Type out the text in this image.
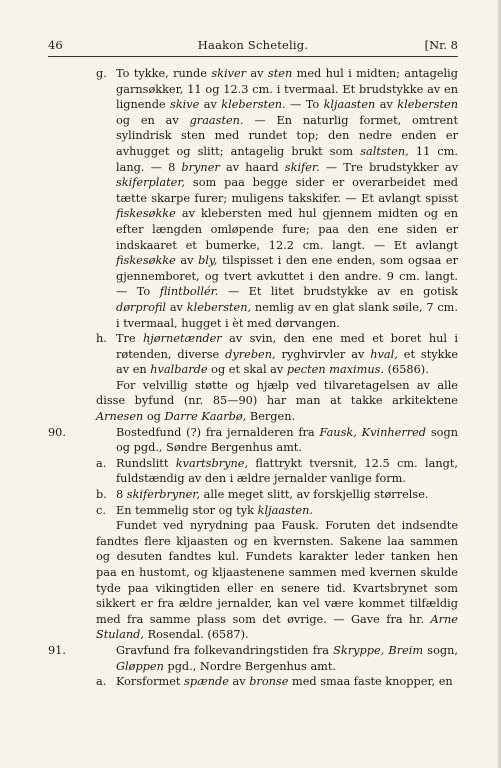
46	Haakon Schetelig.	[Nr. 8
g. To tykke, runde skiver av sten med hul i midten; antagelig garnsøkker, 11 og 12.3 cm. i tvermaal. Et brudstykke av en lignende skive av klebersten. — To kljaasten av klebersten og en av graasten. — En naturlig formet, omtrent sylindrisk sten med rundet top; den nedre enden er avhugget og slitt; antagelig brukt som saltsten, 11 cm. lang. — 8 bryner av haard skifer. — Tre brudstykker av skiferplater, som paa begge sider er overarbeidet med tætte skarpe furer; muligens takskifer. — Et avlangt spisst fiskesøkke av klebersten med hul gjennem midten og en efter længden omløpende fure; paa den ene siden er indskaaret et bumerke, 12.2 cm. langt. — Et avlangt fiskesøkke av bly, tilspisset i den ene enden, som ogsaa er gjennemboret, og tvert avkuttet i den andre. 9 cm. langt. — To flintbollér. — Et litet brudstykke av en gotisk dørprofil av klebersten, nemlig av en glat slank søile, 7 cm. i tvermaal, hugget i èt med dørvangen.
h. Tre hjørnetænder av svin, den ene med et boret hul i røtenden, diverse dyreben, ryghvirvler av hval, et stykke av en hvalbarde og et skal av pecten maximus. (6586).
For velvillig støtte og hjælp ved tilvaretagelsen av alle disse byfund (nr. 85—90) har man at takke arkitektene Arnesen og Darre Kaarbø, Bergen.
90.	Bostedfund (?) fra jernalderen fra Fausk, Kvinherred sogn og pgd., Søndre Bergenhus amt.
a. Rundslitt kvartsbryne, flattrykt tversnit, 12.5 cm. langt, fuldstændig av den i ældre jernalder vanlige form.
b. 8 skiferbryner, alle meget slitt, av forskjellig størrelse.
c. En temmelig stor og tyk kljaasten.
Fundet ved nyrydning paa Fausk. Foruten det indsendte fandtes flere kljaasten og en kvernsten. Sakene laa sammen og desuten fandtes kul. Fundets karakter leder tanken hen paa en hustomt, og kljaastenene sammen med kvernen skulde tyde paa vikingtiden eller en senere tid. Kvartsbrynet som sikkert er fra ældre jernalder, kan vel være kommet tilfældig med fra samme plass som det øvrige. — Gave fra hr. Arne Stuland, Rosendal. (6587).
91.	Gravfund fra folkevandringstiden fra Skryppe, Breim sogn, Gløppen pgd., Nordre Bergenhus amt.
a. Korsformet spænde av bronse med smaa faste knopper, en
